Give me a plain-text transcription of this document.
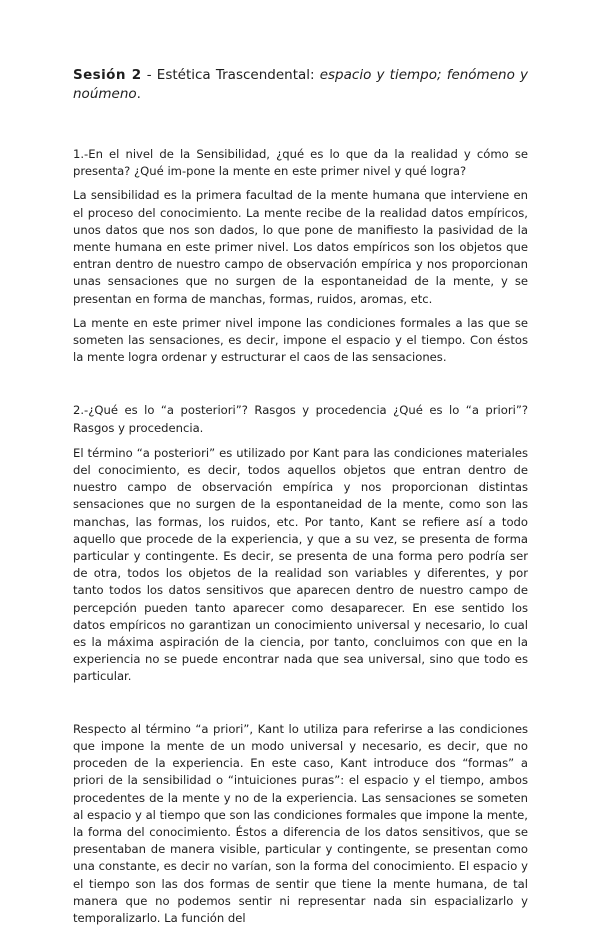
Sesión 2 - Estética Trascendental: espacio y tiempo; fenómeno y noúmeno.

1.-En el nivel de la Sensibilidad, ¿qué es lo que da la realidad y cómo se presenta? ¿Qué im-pone la mente en este primer nivel y qué logra?

La sensibilidad es la primera facultad de la mente humana que interviene en el proceso del conocimiento. La mente recibe de la realidad datos empíricos, unos datos que nos son dados, lo que pone de manifiesto la pasividad de la mente humana en este primer nivel. Los datos empíricos son los objetos que entran dentro de nuestro campo de observación empírica y nos proporcionan unas sensaciones que no surgen de la espontaneidad de la mente, y se presentan en forma de manchas, formas, ruidos, aromas, etc.

La mente en este primer nivel impone las condiciones formales a las que se someten las sensaciones, es decir, impone el espacio y el tiempo. Con éstos la mente logra ordenar y estructurar el caos de las sensaciones.

2.-¿Qué es lo “a posteriori”? Rasgos y procedencia ¿Qué es lo “a priori”? Rasgos y procedencia.

El término “a posteriori” es utilizado por Kant para las condiciones materiales del conocimiento, es decir, todos aquellos objetos que entran dentro de nuestro campo de observación empírica y nos proporcionan distintas sensaciones que no surgen de la espontaneidad de la mente, como son las manchas, las formas, los ruidos, etc. Por tanto, Kant se refiere así a todo aquello que procede de la experiencia, y que a su vez, se presenta de forma particular y contingente. Es decir, se presenta de una forma pero podría ser de otra, todos los objetos de la realidad son variables y diferentes, y por tanto todos los datos sensitivos que aparecen dentro de nuestro campo de percepción pueden tanto aparecer como desaparecer. En ese sentido los datos empíricos no garantizan un conocimiento universal y necesario, lo cual es la máxima aspiración de la ciencia, por tanto, concluimos con que en la experiencia no se puede encontrar nada que sea universal, sino que todo es particular.

Respecto al término “a priori”, Kant lo utiliza para referirse a las condiciones que impone la mente de un modo universal y necesario, es decir, que no proceden de la experiencia. En este caso, Kant introduce dos “formas” a priori de la sensibilidad o “intuiciones puras”: el espacio y el tiempo, ambos procedentes de la mente y no de la experiencia. Las sensaciones se someten al espacio y al tiempo que son las condiciones formales que impone la mente, la forma del conocimiento. Éstos a diferencia de los datos sensitivos, que se presentaban de manera visible, particular y contingente, se presentan como una constante, es decir no varían, son la forma del conocimiento. El espacio y el tiempo son las dos formas de sentir que tiene la mente humana, de tal manera que no podemos sentir ni representar nada sin espacializarlo y temporalizarlo. La función del
